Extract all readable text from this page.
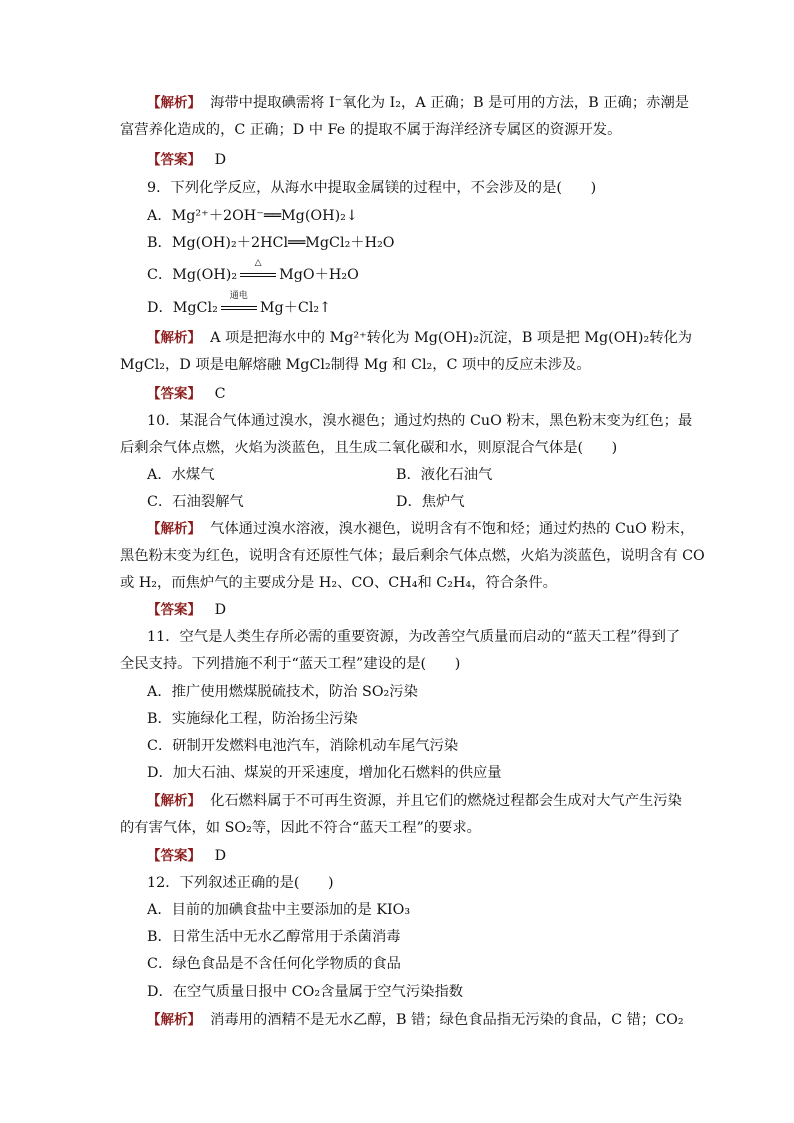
【解析】 海带中提取碘需将 I⁻氧化为 I₂，A 正确；B 是可用的方法，B 正确；赤潮是
富营养化造成的，C 正确；D 中 Fe 的提取不属于海洋经济专属区的资源开发。
【答案】 D
9．下列化学反应，从海水中提取金属镁的过程中，不会涉及的是(　　)
A．Mg²⁺＋2OH⁻══Mg(OH)₂↓
B．Mg(OH)₂＋2HCl══MgCl₂＋H₂O
C．Mg(OH)₂
△
MgO＋H₂O
D．MgCl₂
通电
Mg＋Cl₂↑
【解析】 A 项是把海水中的 Mg²⁺转化为 Mg(OH)₂沉淀，B 项是把 Mg(OH)₂转化为
MgCl₂，D 项是电解熔融 MgCl₂制得 Mg 和 Cl₂，C 项中的反应未涉及。
【答案】 C
10．某混合气体通过溴水，溴水褪色；通过灼热的 CuO 粉末，黑色粉末变为红色；最
后剩余气体点燃，火焰为淡蓝色，且生成二氧化碳和水，则原混合气体是(　　)
A．水煤气	B．液化石油气
C．石油裂解气	D．焦炉气
【解析】 气体通过溴水溶液，溴水褪色，说明含有不饱和烃；通过灼热的 CuO 粉末，
黑色粉末变为红色，说明含有还原性气体；最后剩余气体点燃，火焰为淡蓝色，说明含有 CO
或 H₂，而焦炉气的主要成分是 H₂、CO、CH₄和 C₂H₄，符合条件。
【答案】 D
11．空气是人类生存所必需的重要资源，为改善空气质量而启动的“蓝天工程”得到了
全民支持。下列措施不利于“蓝天工程”建设的是(　　)
A．推广使用燃煤脱硫技术，防治 SO₂污染
B．实施绿化工程，防治扬尘污染
C．研制开发燃料电池汽车，消除机动车尾气污染
D．加大石油、煤炭的开采速度，增加化石燃料的供应量
【解析】 化石燃料属于不可再生资源，并且它们的燃烧过程都会生成对大气产生污染
的有害气体，如 SO₂等，因此不符合“蓝天工程”的要求。
【答案】 D
12．下列叙述正确的是(　　)
A．目前的加碘食盐中主要添加的是 KIO₃
B．日常生活中无水乙醇常用于杀菌消毒
C．绿色食品是不含任何化学物质的食品
D．在空气质量日报中 CO₂含量属于空气污染指数
【解析】 消毒用的酒精不是无水乙醇，B 错；绿色食品指无污染的食品，C 错；CO₂
